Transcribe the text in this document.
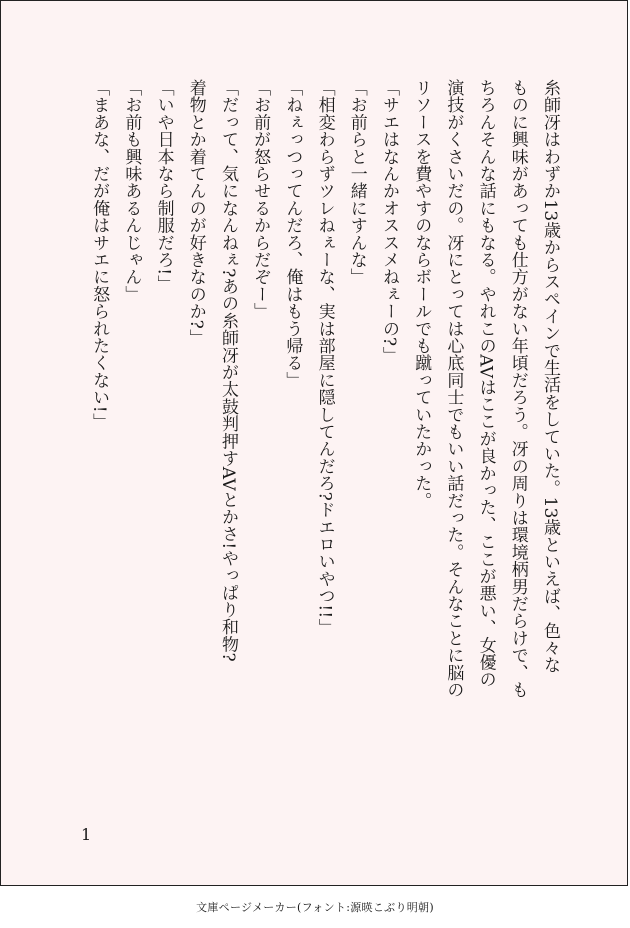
糸師冴はわずか13歳からスペインで生活をしていた。13歳といえば、色々な
ものに興味があっても仕方がない年頃だろう。冴の周りは環境柄男だらけで、も
ちろんそんな話にもなる。やれこのAVはここが良かった、ここが悪い、女優の
演技がくさいだの。冴にとっては心底同士でもいい話だった。そんなことに脳の
リソースを費やすのならボールでも蹴っていたかった。
「サエはなんかオススメねぇーの?」
「お前らと一緒にすんな」
「相変わらずツレねぇーな、実は部屋に隠してんだろ?ドエロいやつ!!」
「ねぇっつってんだろ、俺はもう帰る」
「お前が怒らせるからだぞー」
「だって、気になんねぇ?あの糸師冴が太鼓判押すAVとかさ!やっぱり和物?
着物とか着てんのが好きなのか?」
「いや日本なら制服だろ!」
「お前も興味あるんじゃん」
「まあな、だが俺はサエに怒られたくない!」
1
文庫ページメーカー(フォント:源暎こぶり明朝)
